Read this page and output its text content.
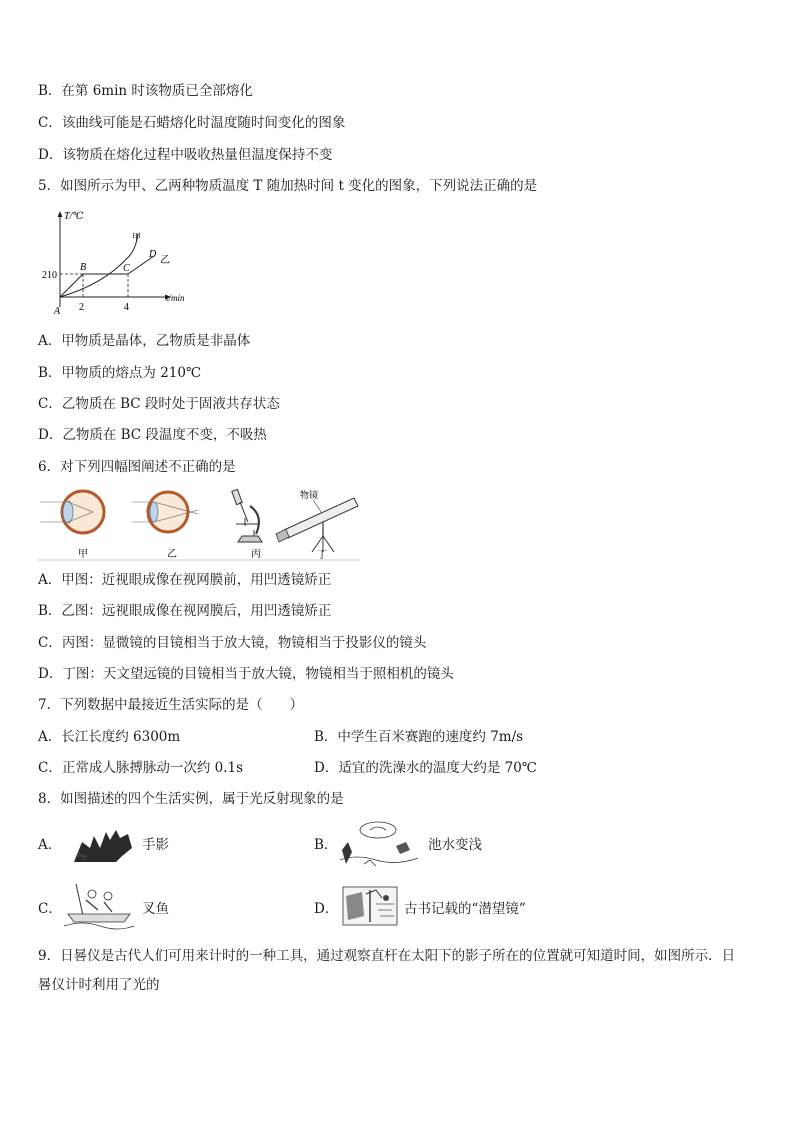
B．在第 6min 时该物质已全部熔化
C．该曲线可能是石蜡熔化时温度随时间变化的图象
D．该物质在熔化过程中吸收热量但温度保持不变
5．如图所示为甲、乙两种物质温度 T 随加热时间 t 变化的图象，下列说法正确的是
T/℃
t/min
210
2	4
A
B	C
D
甲
乙
A．甲物质是晶体，乙物质是非晶体
B．甲物质的熔点为 210℃
C．乙物质在 BC 段时处于固液共存状态
D．乙物质在 BC 段温度不变，不吸热
6．对下列四幅图阐述不正确的是
甲	乙	丙
物镜
丁
A．甲图：近视眼成像在视网膜前，用凹透镜矫正
B．乙图：远视眼成像在视网膜后，用凹透镜矫正
C．丙图：显微镜的目镜相当于放大镜，物镜相当于投影仪的镜头
D．丁图：天文望远镜的目镜相当于放大镜，物镜相当于照相机的镜头
7．下列数据中最接近生活实际的是（　　）
A．长江长度约 6300m	B．中学生百米赛跑的速度约 7m/s
C．正常成人脉搏脉动一次约 0.1s	D．适宜的洗澡水的温度大约是 70℃
8．如图描述的四个生活实例，属于光反射现象的是
A．	手影	B．	池水变浅
C．	叉鱼	D．	古书记载的“潜望镜”
9．日晷仪是古代人们可用来计时的一种工具，通过观察直杆在太阳下的影子所在的位置就可知道时间，如图所示．日
晷仪计时利用了光的
